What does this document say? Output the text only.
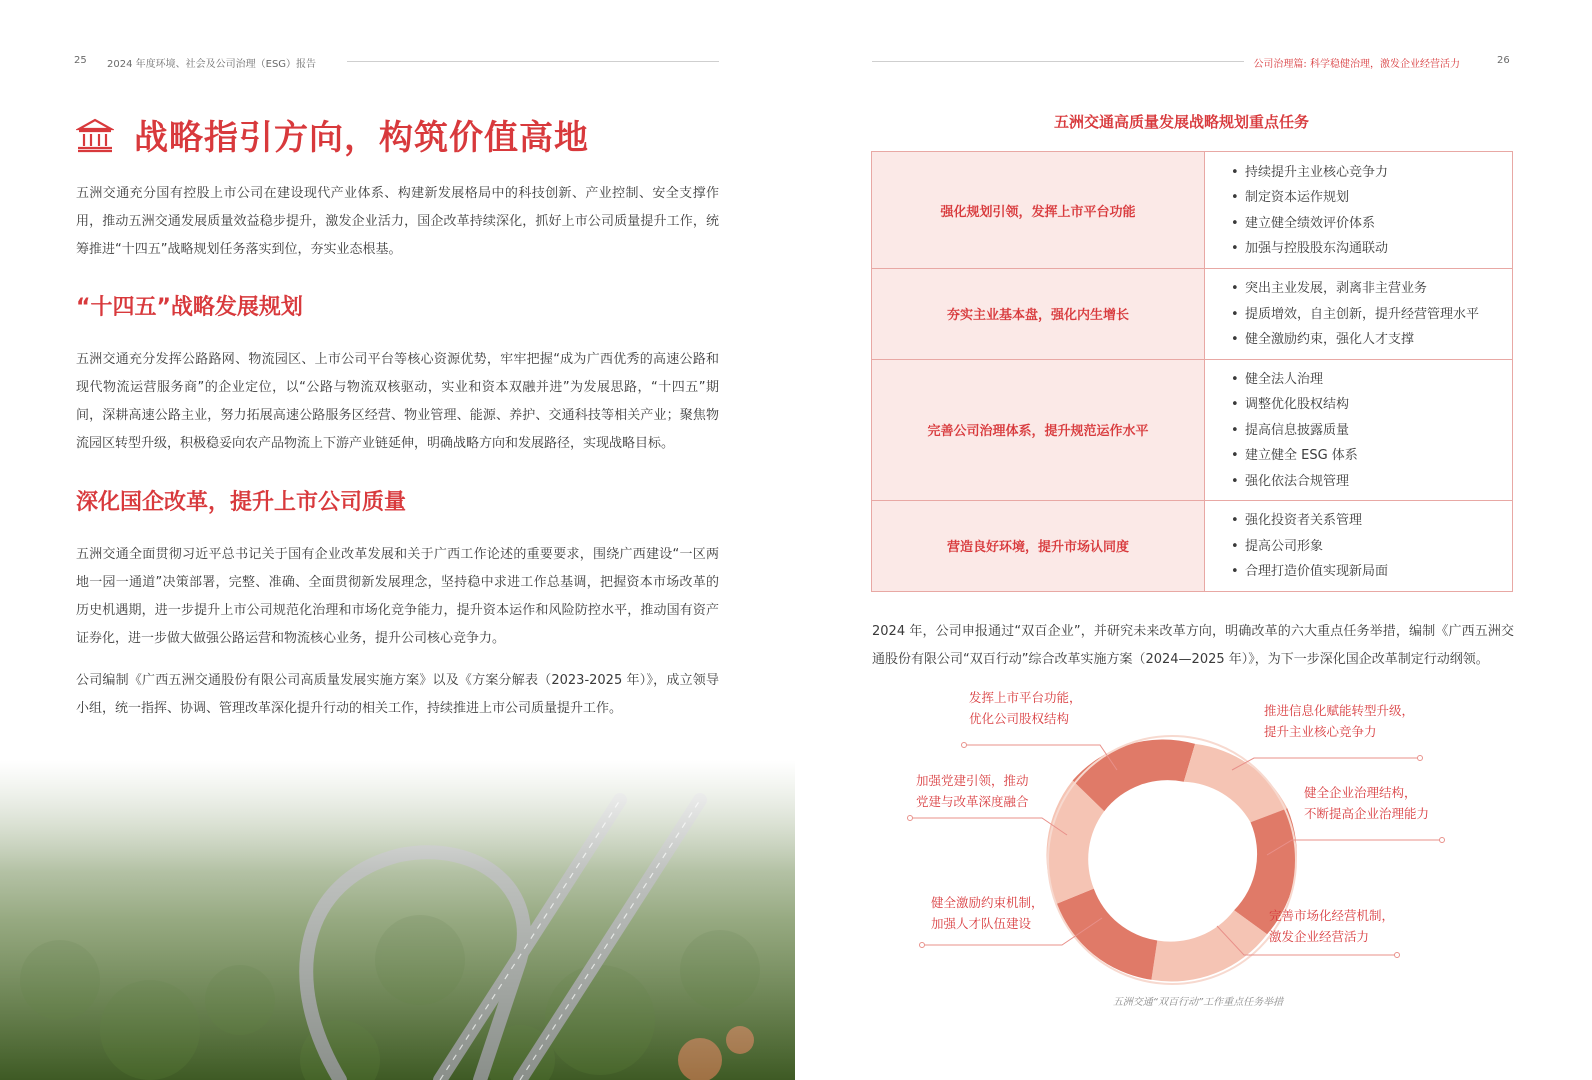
25 2024 年度环境、社会及公司治理（ESG）报告	公司治理篇: 科学稳健治理，激发企业经营活力	26
战略指引方向，构筑价值高地
五洲交通充分国有控股上市公司在建设现代产业体系、构建新发展格局中的科技创新、产业控制、安全支撑作用，推动五洲交通发展质量效益稳步提升，激发企业活力，国企改革持续深化，抓好上市公司质量提升工作，统筹推进“十四五”战略规划任务落实到位，夯实业态根基。
“十四五”战略发展规划
五洲交通充分发挥公路路网、物流园区、上市公司平台等核心资源优势，牢牢把握“成为广西优秀的高速公路和现代物流运营服务商”的企业定位，以“公路与物流双核驱动，实业和资本双融并进”为发展思路，“十四五”期间，深耕高速公路主业，努力拓展高速公路服务区经营、物业管理、能源、养护、交通科技等相关产业；聚焦物流园区转型升级，积极稳妥向农产品物流上下游产业链延伸，明确战略方向和发展路径，实现战略目标。
深化国企改革，提升上市公司质量
五洲交通全面贯彻习近平总书记关于国有企业改革发展和关于广西工作论述的重要要求，围绕广西建设“一区两地一园一通道”决策部署，完整、准确、全面贯彻新发展理念，坚持稳中求进工作总基调，把握资本市场改革的历史机遇期，进一步提升上市公司规范化治理和市场化竞争能力，提升资本运作和风险防控水平，推动国有资产证券化，进一步做大做强公路运营和物流核心业务，提升公司核心竞争力。
公司编制《广西五洲交通股份有限公司高质量发展实施方案》以及《方案分解表（2023-2025 年）》，成立领导小组，统一指挥、协调、管理改革深化提升行动的相关工作，持续推进上市公司质量提升工作。
五洲交通高质量发展战略规划重点任务
强化规划引领，发挥上市平台功能	• 持续提升主业核心竞争力
• 制定资本运作规划
• 建立健全绩效评价体系
• 加强与控股股东沟通联动

夯实主业基本盘，强化内生增长	• 突出主业发展，剥离非主营业务
• 提质增效，自主创新，提升经营管理水平
• 健全激励约束，强化人才支撑

完善公司治理体系，提升规范运作水平	• 健全法人治理
• 调整优化股权结构
• 提高信息披露质量
• 建立健全 ESG 体系
• 强化依法合规管理

营造良好环境，提升市场认同度	• 强化投资者关系管理
• 提高公司形象
• 合理打造价值实现新局面
2024 年，公司申报通过“双百企业”，并研究未来改革方向，明确改革的六大重点任务举措，编制《广西五洲交通股份有限公司“双百行动”综合改革实施方案（2024—2025 年）》，为下一步深化国企改革制定行动纲领。
发挥上市平台功能，
优化公司股权结构
推进信息化赋能转型升级，
提升主业核心竞争力
健全企业治理结构，
不断提高企业治理能力
完善市场化经营机制，
激发企业经营活力
健全激励约束机制，
加强人才队伍建设
加强党建引领，推动
党建与改革深度融合
五洲交通“双百行动”工作重点任务举措
